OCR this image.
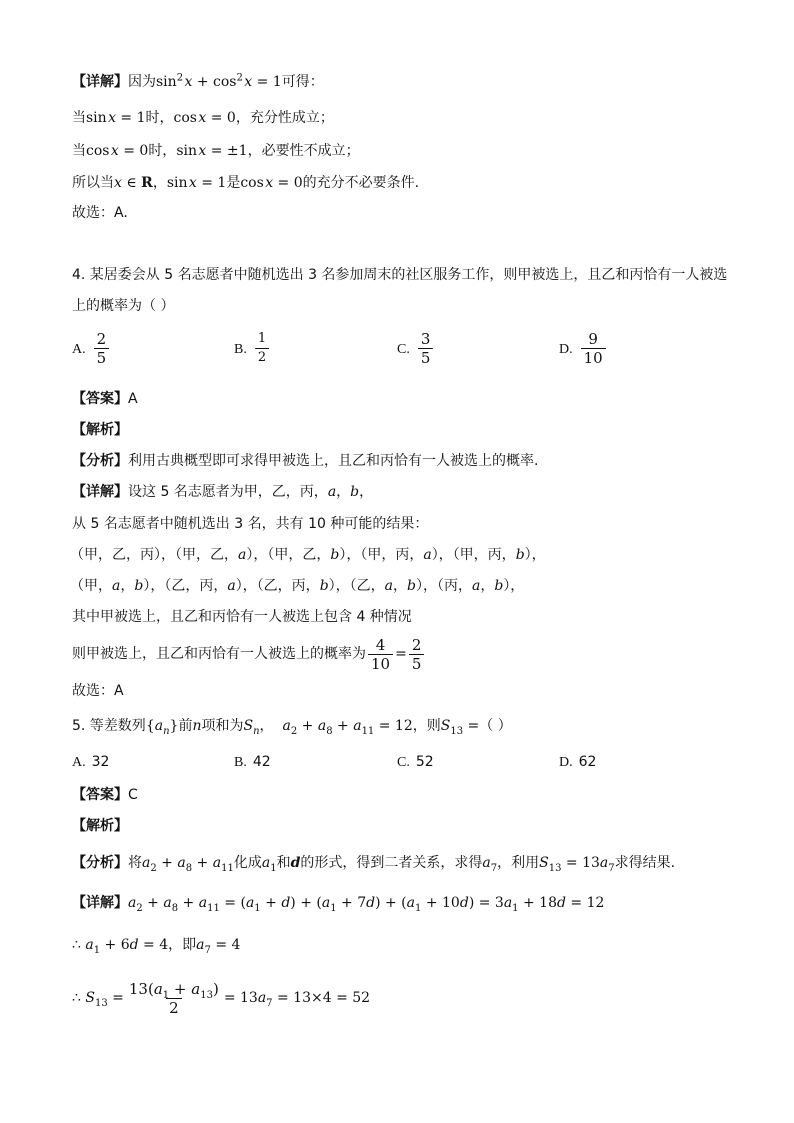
【详解】因为$\sin^2$ $x + \cos^2$ x = 1可得：
当sin x = 1时，cos x = 0，充分性成立；
当cos x = 0时，sin x = ±1，必要性不成立；
所以当x ∈ R，sin x = 1是cos x = 0的充分不必要条件.
故选：A.
4. 某居委会从 5 名志愿者中随机选出 3 名参加周末的社区服务工作，则甲被选上，且乙和丙恰有一人被选
上的概率为（ ）
A. $\frac{2}{5}$	B. $\frac{1}{2}$	C. $\frac{3}{5}$	D. $\frac{9}{10}$
【答案】A
【解析】
【分析】利用古典概型即可求得甲被选上，且乙和丙恰有一人被选上的概率.
【详解】设这 5 名志愿者为甲，乙，丙，a，b，
从 5 名志愿者中随机选出 3 名，共有 10 种可能的结果：
（甲，乙，丙），（甲，乙，a），（甲，乙，b），（甲，丙，a），（甲，丙，b），
（甲，a，b），（乙，丙，a），（乙，丙，b），（乙，a，b），（丙，a，b），
其中甲被选上，且乙和丙恰有一人被选上包含 4 种情况
则甲被选上，且乙和丙恰有一人被选上的概率为 $\frac{4}{10} = \frac{2}{5}$
故选：A
5. 等差数列$\{a_n\}$前n项和为$S_n$， $a_2 + a_8 + a_{11} = 12$，则$S_{13}$ =（ ）
A. 32	B. 42	C. 52	D. 62
【答案】C
【解析】
【分析】将$a_2 + a_8 + a_{11}$化成$a_1$和d的形式，得到二者关系，求得$a_7$，利用$S_{13} = 13a_7$求得结果.
【详解】$a_2 + a_8 + a_{11} = (a_1 + d) + (a_1 + 7d) + (a_1 + 10d) = 3a_1 + 18d = 12$
∴ $a_1 + 6d = 4$，即$a_7 = 4$
∴ $S_{13} = \frac{13(a_1 + a_{13})}{2} = 13a_7 = 13\times 4 = 52$
